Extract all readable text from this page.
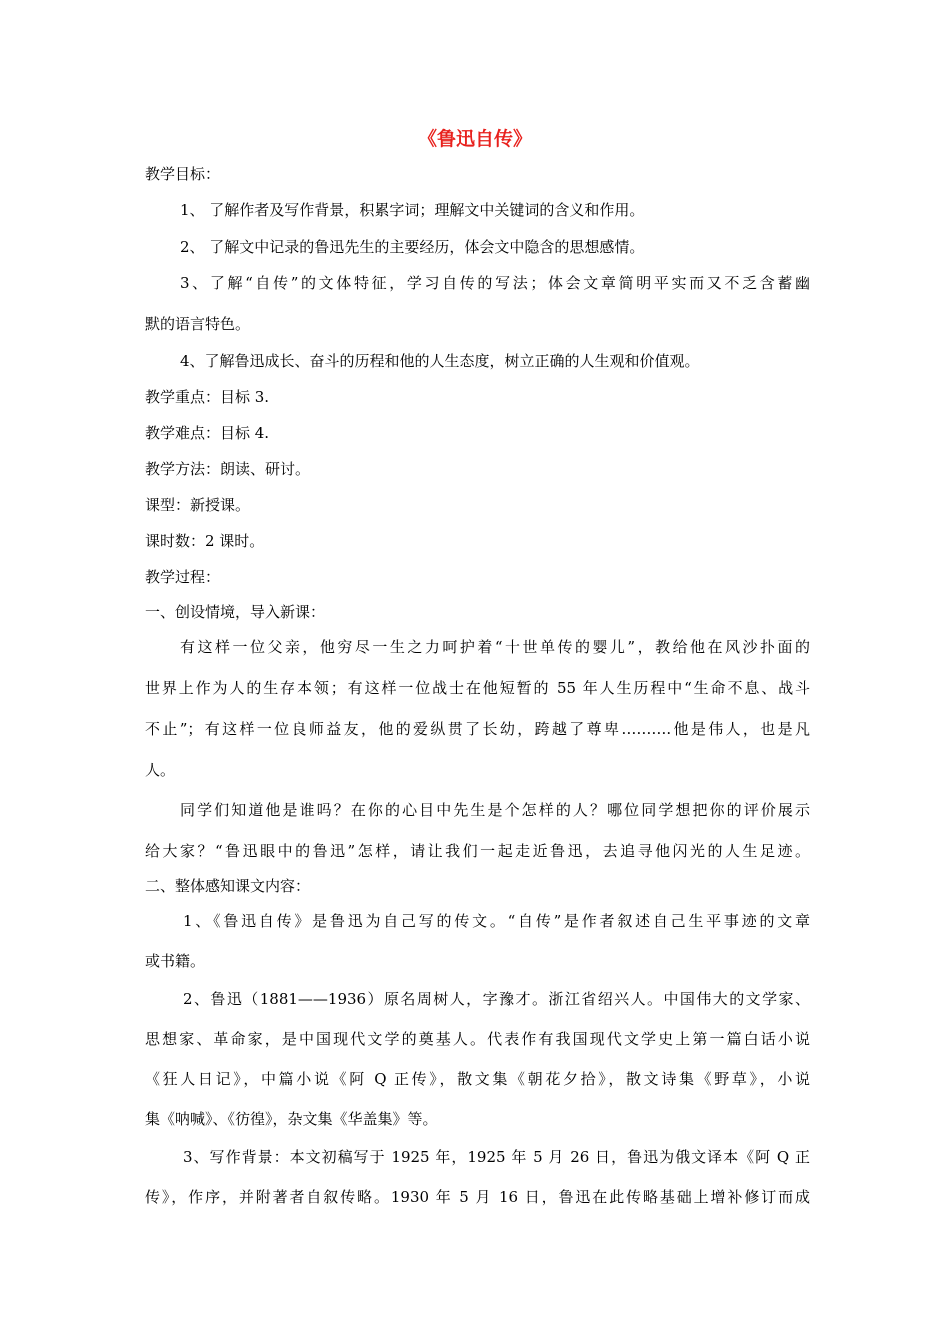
《鲁迅自传》
教学目标：
1、 了解作者及写作背景，积累字词；理解文中关键词的含义和作用。
2、 了解文中记录的鲁迅先生的主要经历，体会文中隐含的思想感情。
3、了解“自传”的文体特征，学习自传的写法；体会文章简明平实而又不乏含蓄幽
默的语言特色。
4、了解鲁迅成长、奋斗的历程和他的人生态度，树立正确的人生观和价值观。
教学重点：目标 3.
教学难点：目标 4.
教学方法：朗读、研讨。
课型：新授课。
课时数：2 课时。
教学过程：
一、创设情境，导入新课：
有这样一位父亲，他穷尽一生之力呵护着“十世单传的婴儿”，教给他在风沙扑面的
世界上作为人的生存本领；有这样一位战士在他短暂的 55 年人生历程中“生命不息、战斗
不止”；有这样一位良师益友，他的爱纵贯了长幼，跨越了尊卑……….他是伟人，也是凡
人。
同学们知道他是谁吗？在你的心目中先生是个怎样的人？哪位同学想把你的评价展示
给大家？“鲁迅眼中的鲁迅”怎样，请让我们一起走近鲁迅，去追寻他闪光的人生足迹。
二、整体感知课文内容：
1、《鲁迅自传》是鲁迅为自己写的传文。“自传”是作者叙述自己生平事迹的文章
或书籍。
2、鲁迅（1881——1936）原名周树人，字豫才。浙江省绍兴人。中国伟大的文学家、
思想家、革命家，是中国现代文学的奠基人。代表作有我国现代文学史上第一篇白话小说
《狂人日记》，中篇小说《阿 Q 正传》，散文集《朝花夕拾》，散文诗集《野草》，小说
集《呐喊》、《彷徨》，杂文集《华盖集》等。
3、写作背景：本文初稿写于 1925 年，1925 年 5 月 26 日，鲁迅为俄文译本《阿 Q 正
传》，作序，并附著者自叙传略。1930 年 5 月 16 日，鲁迅在此传略基础上增补修订而成
